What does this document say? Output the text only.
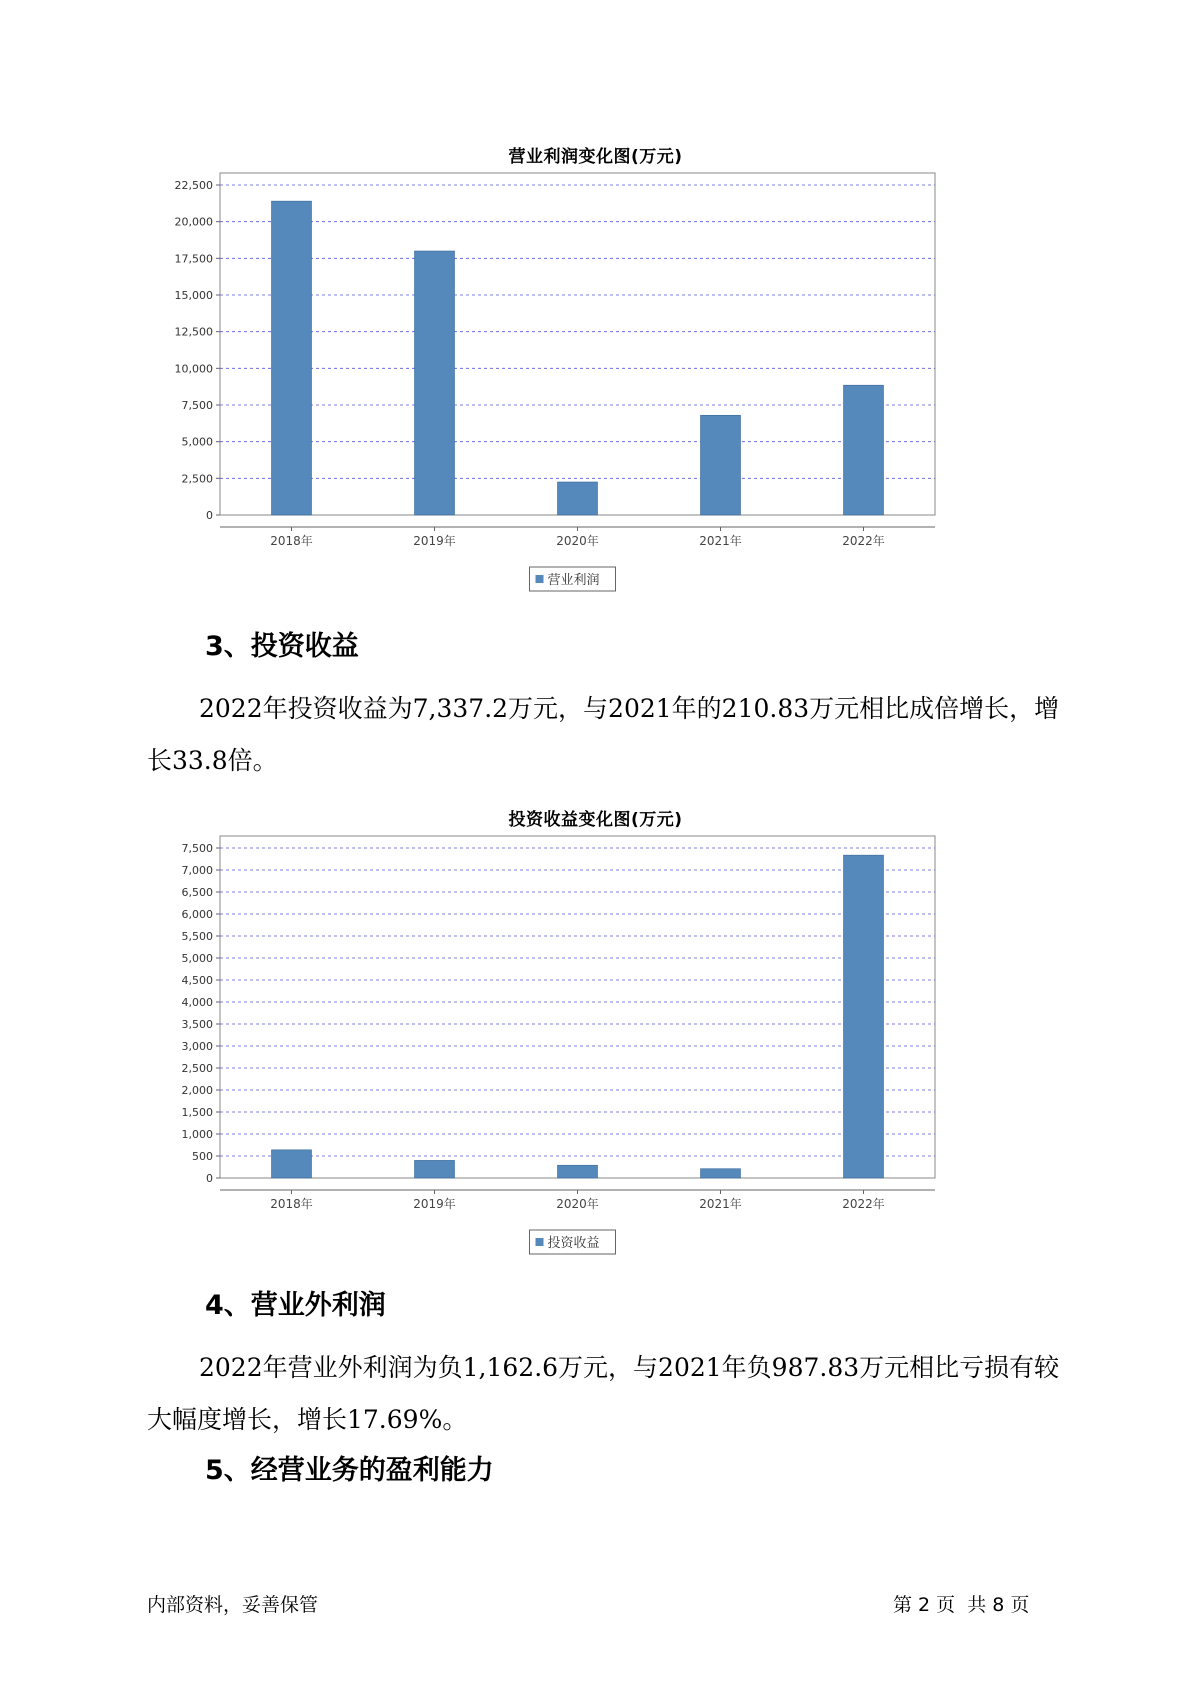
营业利润变化图(万元)
0
2,500
5,000
7,500
10,000
12,500
15,000
17,500
20,000
22,500
2018年	2019年	2020年	2021年	2022年
营业利润
3、投资收益
2022年投资收益为7,337.2万元，与2021年的210.83万元相比成倍增长，增长33.8倍。
投资收益变化图(万元)
0
500
1,000
1,500
2,000
2,500
3,000
3,500
4,000
4,500
5,000
5,500
6,000
6,500
7,000
7,500
2018年	2019年	2020年	2021年	2022年
投资收益
4、营业外利润
2022年营业外利润为负1,162.6万元，与2021年负987.83万元相比亏损有较大幅度增长，增长17.69%。
5、经营业务的盈利能力
内部资料，妥善保管	第 2 页  共 8 页
